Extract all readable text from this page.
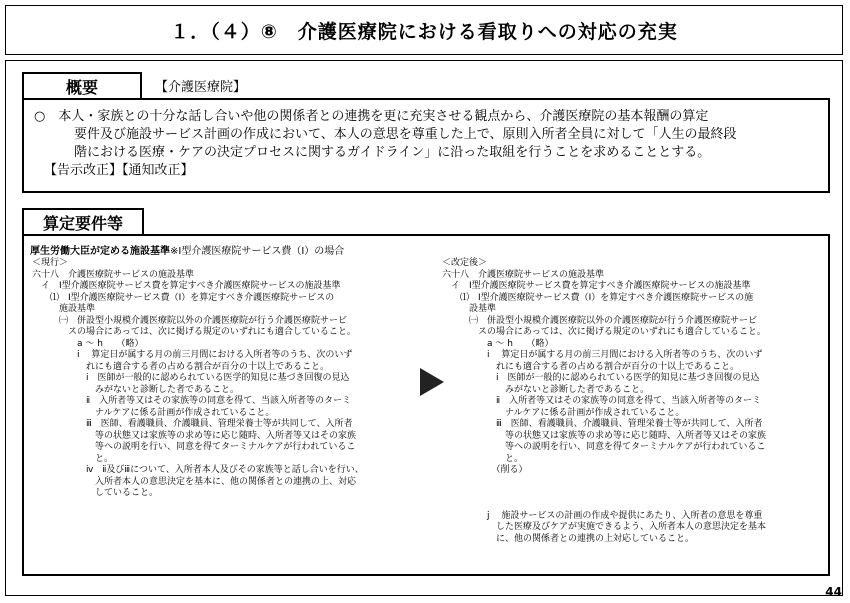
１．（４）⑧　介護医療院における看取りへの対応の充実
概要	【介護医療院】
○　本人・家族との十分な話し合いや他の関係者との連携を更に充実させる観点から、介護医療院の基本報酬の算定
要件及び施設サービス計画の作成において、本人の意思を尊重した上で、原則入所者全員に対して「人生の最終段
階における医療・ケアの決定プロセスに関するガイドライン」に沿った取組を行うことを求めることとする。
【告示改正】【通知改正】
算定要件等
厚生労働大臣が定める施設基準※Ⅰ型介護医療院サービス費（Ⅰ）の場合
＜現行＞
六十八　介護医療院サービスの施設基準
　イ　Ⅰ型介護医療院サービス費を算定すべき介護医療院サービスの施設基準
　　⑴　Ⅰ型介護医療院サービス費（Ⅰ）を算定すべき介護医療院サービスの
　　　施設基準
　　　㈠　併設型小規模介護医療院以外の介護医療院が行う介護医療院サービ
　　　　スの場合にあっては、次に掲げる規定のいずれにも適合していること。
　　　　　a ～ h　　（略）
　　　　　i　 算定日が属する月の前三月間における入所者等のうち、次のいず
　　　　　　れにも適合する者の占める割合が百分の十以上であること。
　　　　　　ⅰ　医師が一般的に認められている医学的知見に基づき回復の見込
　　　　　　　みがないと診断した者であること。
　　　　　　ⅱ　入所者等又はその家族等の同意を得て、当該入所者等のターミ
　　　　　　　ナルケアに係る計画が作成されていること。
　　　　　　ⅲ　医師、看護職員、介護職員、管理栄養士等が共同して、入所者
　　　　　　　等の状態又は家族等の求め等に応じ随時、入所者等又はその家族
　　　　　　　等への説明を行い、同意を得てターミナルケアが行われているこ
　　　　　　　と。
　　　　　　ⅳ　ⅱ及びⅲについて、入所者本人及びその家族等と話し合いを行い、
　　　　　　　入所者本人の意思決定を基本に、他の関係者との連携の上、対応
　　　　　　　していること。
＜改定後＞
六十八　介護医療院サービスの施設基準
　イ　Ⅰ型介護医療院サービス費を算定すべき介護医療院サービスの施設基準
　　⑴　Ⅰ型介護医療院サービス費（Ⅰ）を算定すべき介護医療院サービスの施
　　　設基準
　　　㈠　併設型小規模介護医療院以外の介護医療院が行う介護医療院サービ
　　　　スの場合にあっては、次に掲げる規定のいずれにも適合していること。
　　　　　a ～ h　　（略）
　　　　　i　 算定日が属する月の前三月間における入所者等のうち、次のいず
　　　　　　れにも適合する者の占める割合が百分の十以上であること。
　　　　　　ⅰ　医師が一般的に認められている医学的知見に基づき回復の見込
　　　　　　　みがないと診断した者であること。
　　　　　　ⅱ　入所者等又はその家族等の同意を得て、当該入所者等のターミ
　　　　　　　ナルケアに係る計画が作成されていること。
　　　　　　ⅲ　医師、看護職員、介護職員、管理栄養士等が共同して、入所者
　　　　　　　等の状態又は家族等の求め等に応じ随時、入所者等又はその家族
　　　　　　　等への説明を行い、同意を得てターミナルケアが行われているこ
　　　　　　　と。
　　　　　　（削る）
　　　　　j　 施設サービスの計画の作成や提供にあたり、入所者の意思を尊重
　　　　　　した医療及びケアが実施できるよう、入所者本人の意思決定を基本
　　　　　　に、他の関係者との連携の上対応していること。
44
